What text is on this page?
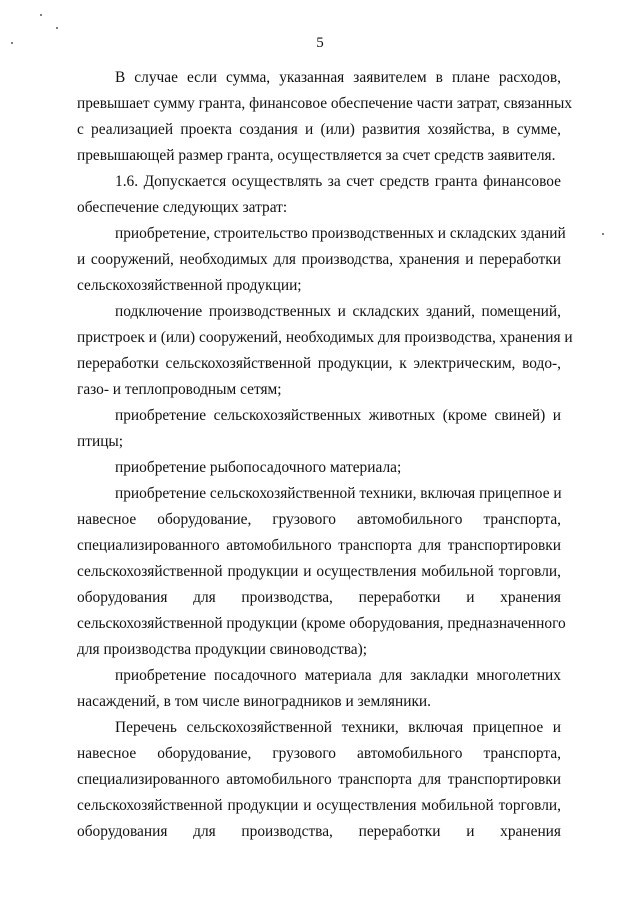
5
В случае если сумма, указанная заявителем в плане расходов,
превышает сумму гранта, финансовое обеспечение части затрат, связанных
с реализацией проекта создания и (или) развития хозяйства, в сумме,
превышающей размер гранта, осуществляется за счет средств заявителя.
1.6. Допускается осуществлять за счет средств гранта финансовое
обеспечение следующих затрат:
приобретение, строительство производственных и складских зданий
и сооружений, необходимых для производства, хранения и переработки
сельскохозяйственной продукции;
подключение производственных и складских зданий, помещений,
пристроек и (или) сооружений, необходимых для производства, хранения и
переработки сельскохозяйственной продукции, к электрическим, водо-,
газо- и теплопроводным сетям;
приобретение сельскохозяйственных животных (кроме свиней) и
птицы;
приобретение рыбопосадочного материала;
приобретение сельскохозяйственной техники, включая прицепное и
навесное оборудование, грузового автомобильного транспорта,
специализированного автомобильного транспорта для транспортировки
сельскохозяйственной продукции и осуществления мобильной торговли,
оборудования для производства, переработки и хранения
сельскохозяйственной продукции (кроме оборудования, предназначенного
для производства продукции свиноводства);
приобретение посадочного материала для закладки многолетних
насаждений, в том числе виноградников и земляники.
Перечень сельскохозяйственной техники, включая прицепное и
навесное оборудование, грузового автомобильного транспорта,
специализированного автомобильного транспорта для транспортировки
сельскохозяйственной продукции и осуществления мобильной торговли,
оборудования для производства, переработки и хранения
